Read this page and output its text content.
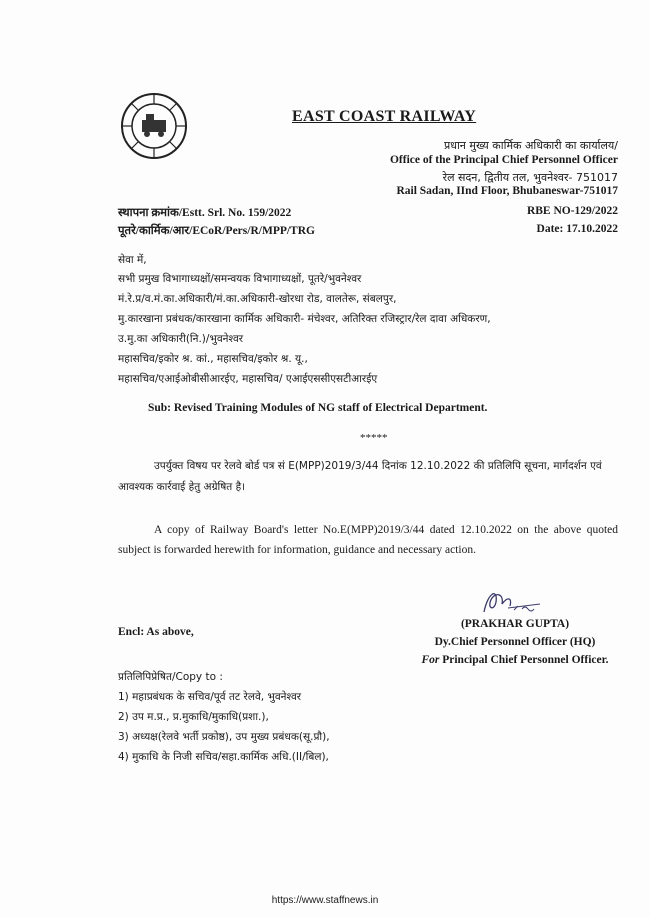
EAST COAST RAILWAY
प्रधान मुख्य कार्मिक अधिकारी का कार्यालय/
Office of the Principal Chief Personnel Officer
रेल सदन, द्वितीय तल, भुवनेश्वर- 751017
Rail Sadan, IInd Floor, Bhubaneswar-751017
स्थापना क्रमांक/Estt. Srl. No. 159/2022
पूतरे/कार्मिक/आर/ECoR/Pers/R/MPP/TRG
RBE NO-129/2022
Date: 17.10.2022
सेवा में,
सभी प्रमुख विभागाध्यक्षों/समन्वयक विभागाध्यक्षों, पूतरे/भुवनेश्वर
मं.रे.प्र/व.मं.का.अधिकारी/मं.का.अधिकारी-खोरधा रोड, वालतेरू, संबलपुर,
मु.कारखाना प्रबंधक/कारखाना कार्मिक अधिकारी- मंचेश्वर, अतिरिक्त रजिस्ट्रार/रेल दावा अधिकरण,
उ.मु.का अधिकारी(नि.)/भुवनेश्वर
महासचिव/इकोर श्र. कां., महासचिव/इकोर श्र. यू.,
महासचिव/एआईओबीसीआरईए, महासचिव/ एआईएससीएसटीआरईए
Sub: Revised Training Modules of NG staff of Electrical Department.
*****
उपर्युक्त विषय पर रेलवे बोर्ड पत्र सं E(MPP)2019/3/44 दिनांक 12.10.2022 की प्रतिलिपि सूचना, मार्गदर्शन एवं आवश्यक कार्रवाई हेतु अग्रेषित है।
A copy of Railway Board's letter No.E(MPP)2019/3/44 dated 12.10.2022 on the above quoted subject is forwarded herewith for information, guidance and necessary action.
Encl: As above,
(PRAKHAR GUPTA)
Dy.Chief Personnel Officer (HQ)
For Principal Chief Personnel Officer.
प्रतिलिपिप्रेषित/Copy to :
1) महाप्रबंधक के सचिव/पूर्व तट रेलवे, भुवनेश्वर
2) उप म.प्र., प्र.मुकाधि/मुकाधि(प्रशा.),
3) अध्यक्ष(रेलवे भर्ती प्रकोष्ठ), उप मुख्य प्रबंधक(सू.प्रौ),
4) मुकाधि के निजी सचिव/सहा.कार्मिक अधि.(II/बिल),
https://www.staffnews.in
